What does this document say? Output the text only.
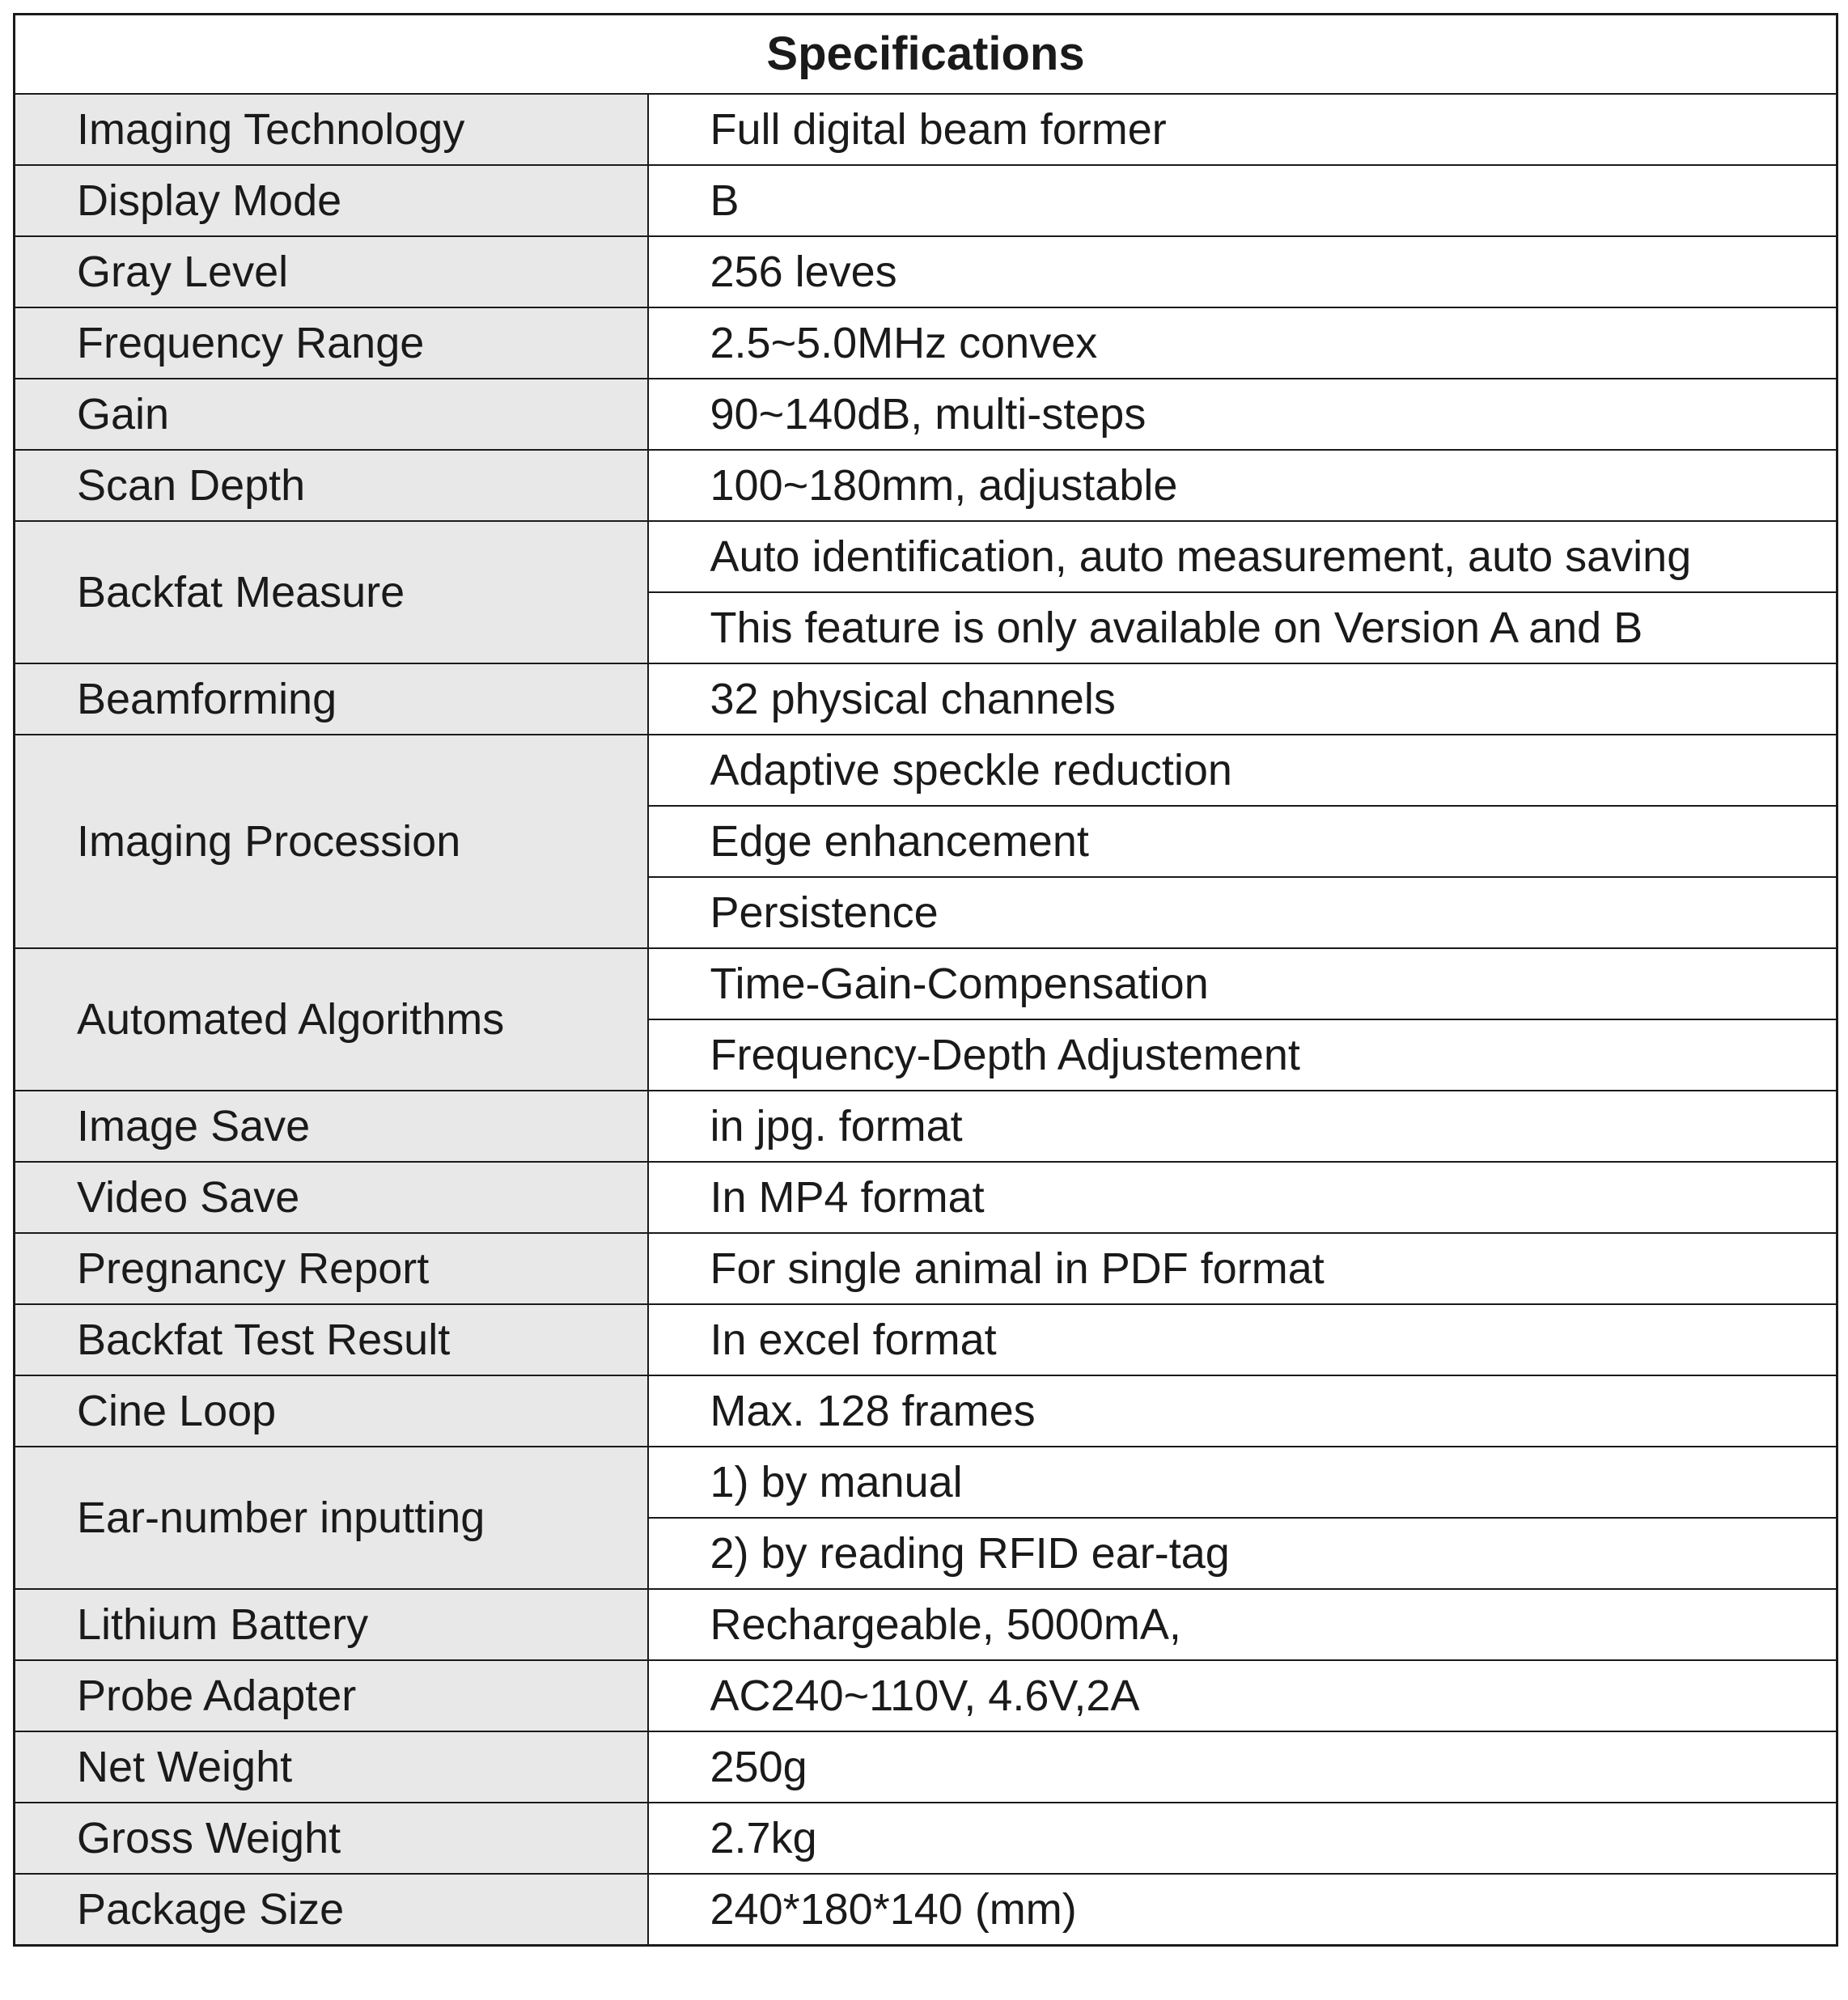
Specifications	
Imaging Technology	Full digital beam former
Display Mode	B
Gray Level	256 leves
Frequency Range	2.5~5.0MHz convex
Gain	90~140dB, multi-steps
Scan Depth	100~180mm, adjustable
Backfat Measure	Auto identification, auto measurement, auto saving
	This feature is only available on Version A and B
Beamforming	32 physical channels
Imaging Procession	Adaptive speckle reduction
	Edge enhancement
	Persistence
Automated Algorithms	Time-Gain-Compensation
	Frequency-Depth Adjustement
Image Save	in jpg. format
Video Save	In MP4 format
Pregnancy Report	For single animal in PDF format
Backfat Test Result	In excel format
Cine Loop	Max. 128 frames
Ear-number inputting	1) by manual
	2) by reading RFID ear-tag
Lithium Battery	Rechargeable, 5000mA,
Probe Adapter	AC240~110V, 4.6V,2A
Net Weight	250g
Gross Weight	2.7kg
Package Size	240*180*140 (mm)
